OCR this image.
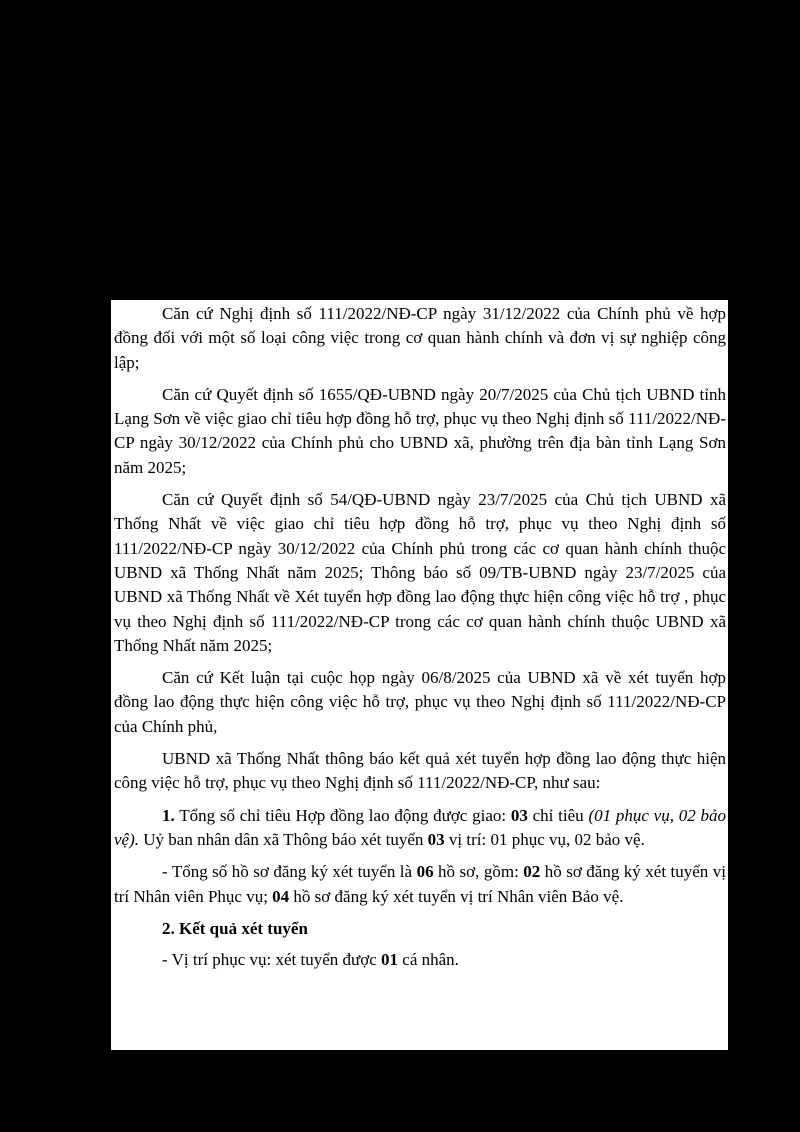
Căn cứ Nghị định số 111/2022/NĐ-CP ngày 31/12/2022 của Chính phủ về hợp đồng đối với một số loại công việc trong cơ quan hành chính và đơn vị sự nghiệp công lập;

Căn cứ Quyết định số 1655/QĐ-UBND ngày 20/7/2025 của Chủ tịch UBND tỉnh Lạng Sơn về việc giao chỉ tiêu hợp đồng hỗ trợ, phục vụ theo Nghị định số 111/2022/NĐ-CP ngày 30/12/2022 của Chính phủ cho UBND xã, phường trên địa bàn tỉnh Lạng Sơn năm 2025;

Căn cứ Quyết định số 54/QĐ-UBND ngày 23/7/2025 của Chủ tịch UBND xã Thống Nhất về việc giao chỉ tiêu hợp đồng hỗ trợ, phục vụ theo Nghị định số 111/2022/NĐ-CP ngày 30/12/2022 của Chính phủ trong các cơ quan hành chính thuộc UBND xã Thống Nhất năm 2025; Thông báo số 09/TB-UBND ngày 23/7/2025 của UBND xã Thống Nhất về Xét tuyển hợp đồng lao động thực hiện công việc hỗ trợ , phục vụ theo Nghị định số 111/2022/NĐ-CP trong các cơ quan hành chính thuộc UBND xã Thống Nhất năm 2025;

Căn cứ Kết luận tại cuộc họp ngày 06/8/2025 của UBND xã về xét tuyển hợp đồng lao động thực hiện công việc hỗ trợ, phục vụ theo Nghị định số 111/2022/NĐ-CP của Chính phủ,

UBND xã Thống Nhất thông báo kết quả xét tuyển hợp đồng lao động thực hiện công việc hỗ trợ, phục vụ theo Nghị định số 111/2022/NĐ-CP, như sau:

1. Tổng số chỉ tiêu Hợp đồng lao động được giao: 03 chỉ tiêu (01 phục vụ, 02 bảo vệ). Uỷ ban nhân dân xã Thông báo xét tuyển 03 vị trí: 01 phục vụ, 02 bảo vệ.

- Tổng số hồ sơ đăng ký xét tuyển là 06 hồ sơ, gồm: 02 hồ sơ đăng ký xét tuyển vị trí Nhân viên Phục vụ; 04 hồ sơ đăng ký xét tuyển vị trí Nhân viên Bảo vệ.

2. Kết quả xét tuyển

- Vị trí phục vụ: xét tuyển được 01 cá nhân.
